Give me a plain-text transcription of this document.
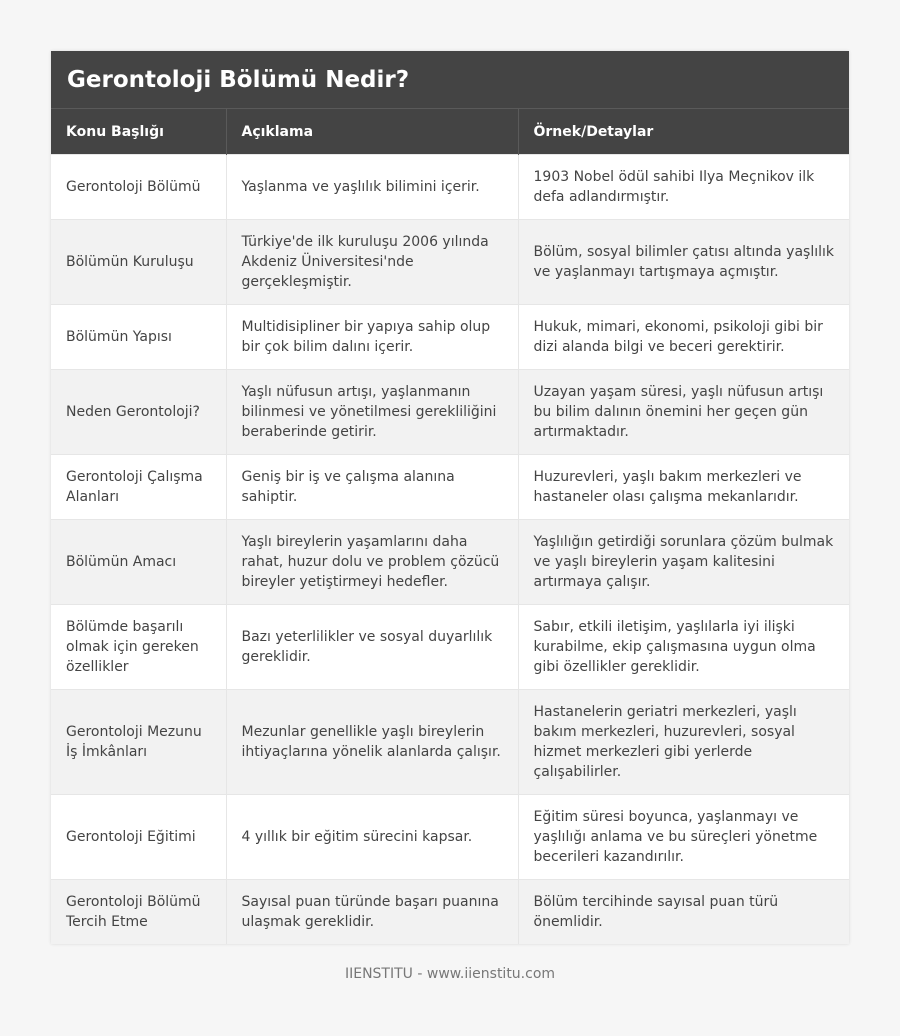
Gerontoloji Bölümü Nedir?
Konu Başlığı	Açıklama	Örnek/Detaylar
Gerontoloji Bölümü	Yaşlanma ve yaşlılık bilimini içerir.	1903 Nobel ödül sahibi Ilya Meçnikov ilk defa adlandırmıştır.
Bölümün Kuruluşu	Türkiye'de ilk kuruluşu 2006 yılında Akdeniz Üniversitesi'nde gerçekleşmiştir.	Bölüm, sosyal bilimler çatısı altında yaşlılık ve yaşlanmayı tartışmaya açmıştır.
Bölümün Yapısı	Multidisipliner bir yapıya sahip olup bir çok bilim dalını içerir.	Hukuk, mimari, ekonomi, psikoloji gibi bir dizi alanda bilgi ve beceri gerektirir.
Neden Gerontoloji?	Yaşlı nüfusun artışı, yaşlanmanın bilinmesi ve yönetilmesi gerekliliğini beraberinde getirir.	Uzayan yaşam süresi, yaşlı nüfusun artışı bu bilim dalının önemini her geçen gün artırmaktadır.
Gerontoloji Çalışma Alanları	Geniş bir iş ve çalışma alanına sahiptir.	Huzurevleri, yaşlı bakım merkezleri ve hastaneler olası çalışma mekanlarıdır.
Bölümün Amacı	Yaşlı bireylerin yaşamlarını daha rahat, huzur dolu ve problem çözücü bireyler yetiştirmeyi hedefler.	Yaşlılığın getirdiği sorunlara çözüm bulmak ve yaşlı bireylerin yaşam kalitesini artırmaya çalışır.
Bölümde başarılı olmak için gereken özellikler	Bazı yeterlilikler ve sosyal duyarlılık gereklidir.	Sabır, etkili iletişim, yaşlılarla iyi ilişki kurabilme, ekip çalışmasına uygun olma gibi özellikler gereklidir.
Gerontoloji Mezunu İş İmkânları	Mezunlar genellikle yaşlı bireylerin ihtiyaçlarına yönelik alanlarda çalışır.	Hastanelerin geriatri merkezleri, yaşlı bakım merkezleri, huzurevleri, sosyal hizmet merkezleri gibi yerlerde çalışabilirler.
Gerontoloji Eğitimi	4 yıllık bir eğitim sürecini kapsar.	Eğitim süresi boyunca, yaşlanmayı ve yaşlılığı anlama ve bu süreçleri yönetme becerileri kazandırılır.
Gerontoloji Bölümü Tercih Etme	Sayısal puan türünde başarı puanına ulaşmak gereklidir.	Bölüm tercihinde sayısal puan türü önemlidir.
IIENSTITU - www.iienstitu.com
